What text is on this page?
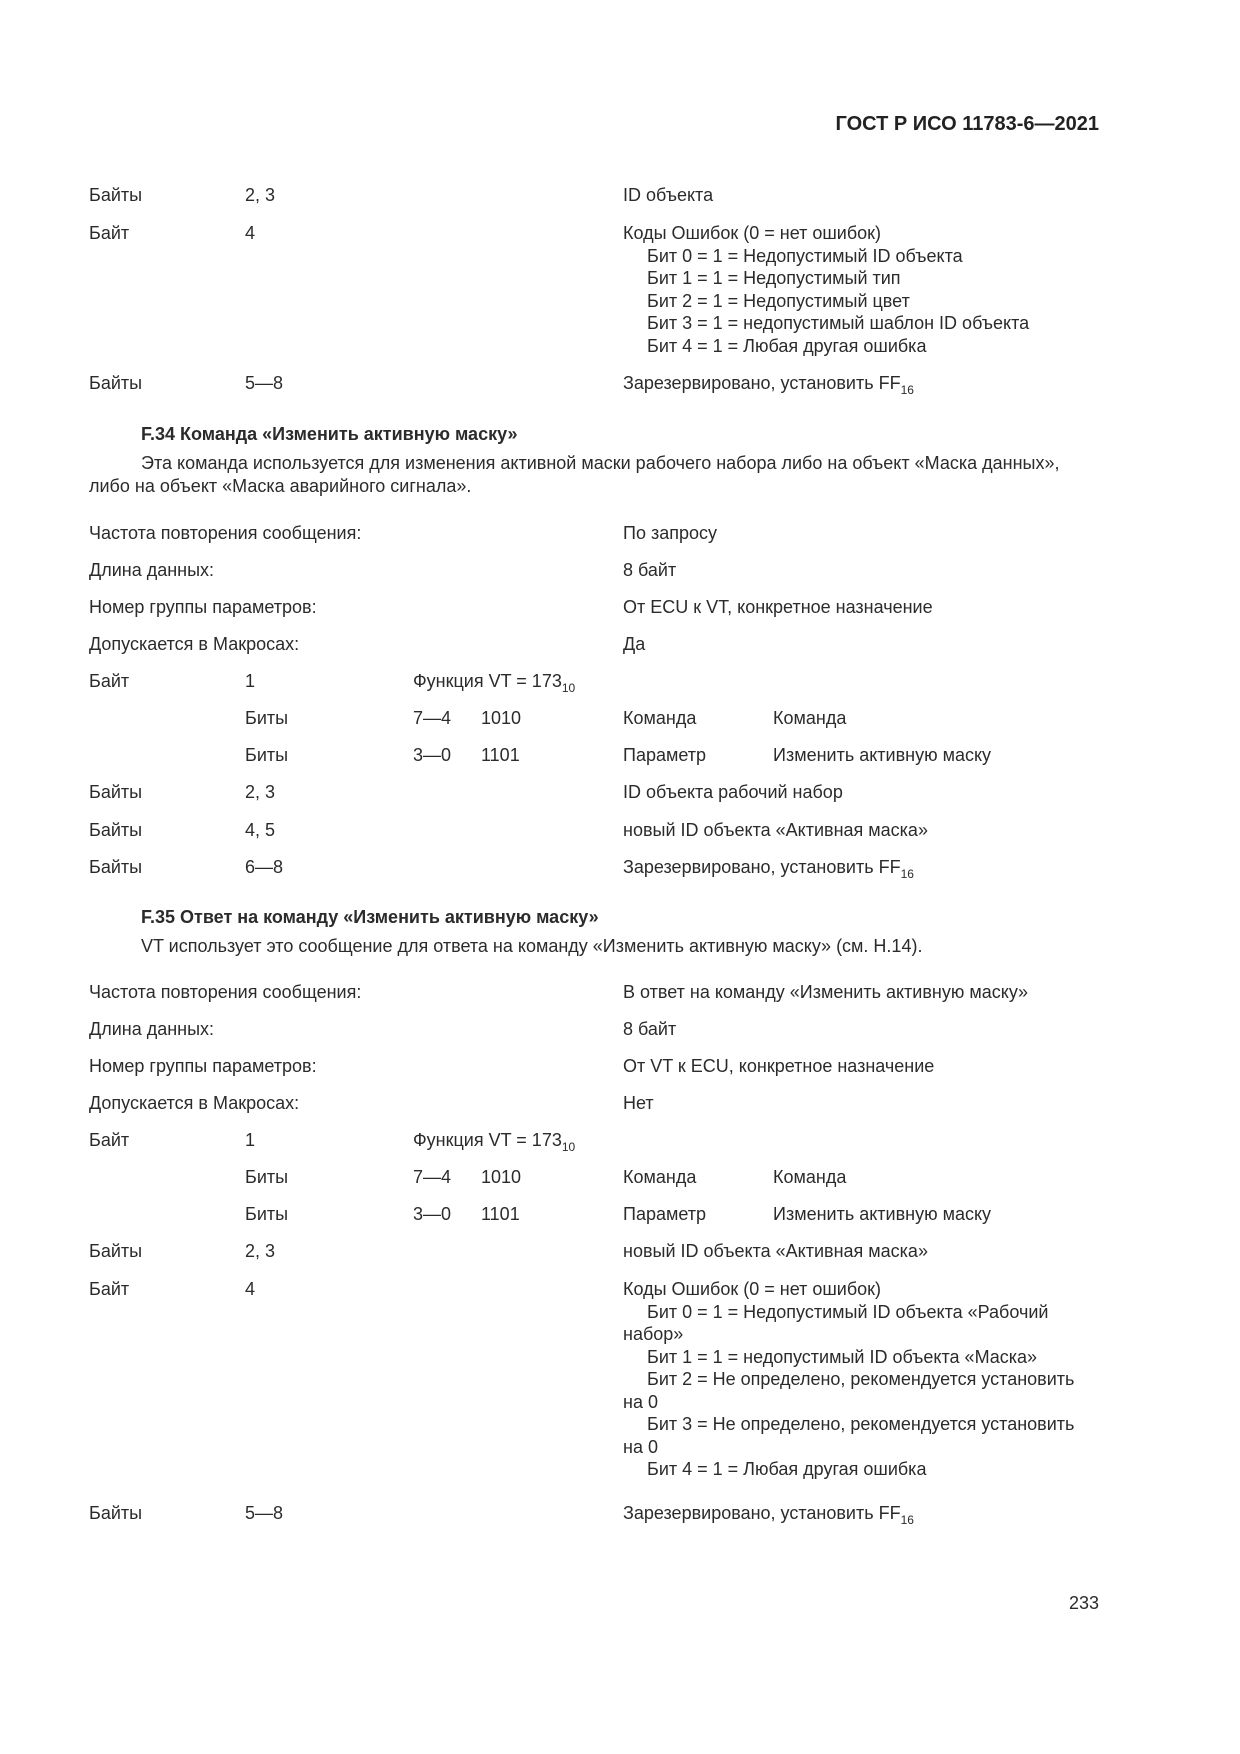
ГОСТ Р ИСО 11783-6—2021
Байты	2, 3	ID объекта
Байт	4	Коды Ошибок (0 = нет ошибок)
Бит 0 = 1 = Недопустимый ID объекта
Бит 1 = 1 = Недопустимый тип
Бит 2 = 1 = Недопустимый цвет
Бит 3 = 1 = недопустимый шаблон ID объекта
Бит 4 = 1 = Любая другая ошибка
Байты	5—8	Зарезервировано, установить $FF_{16}$
F.34 Команда «Изменить активную маску»
Эта команда используется для изменения активной маски рабочего набора либо на объект «Маска данных», либо на объект «Маска аварийного сигнала».
Частота повторения сообщения:	По запросу
Длина данных:	8 байт
Номер группы параметров:	От ECU к VT, конкретное назначение
Допускается в Макросах:	Да
Байт	1	Функция VT = $173_{10}$
Биты	7—4 1010	Команда	Команда
Биты	3—0 1101	Параметр	Изменить активную маску
Байты	2, 3	ID объекта рабочий набор
Байты	4, 5	новый ID объекта «Активная маска»
Байты	6—8	Зарезервировано, установить $FF_{16}$
F.35 Ответ на команду «Изменить активную маску»
VT использует это сообщение для ответа на команду «Изменить активную маску» (см. H.14).
Частота повторения сообщения:	В ответ на команду «Изменить активную маску»
Длина данных:	8 байт
Номер группы параметров:	От VT к ECU, конкретное назначение
Допускается в Макросах:	Нет
Байт	1	Функция VT = $173_{10}$
Биты	7—4 1010	Команда	Команда
Биты	3—0 1101	Параметр	Изменить активную маску
Байты	2, 3	новый ID объекта «Активная маска»
Байт	4	Коды Ошибок (0 = нет ошибок)
Бит 0 = 1 = Недопустимый ID объекта «Рабочий набор»
Бит 1 = 1 = недопустимый ID объекта «Маска»
Бит 2 = Не определено, рекомендуется установить на 0
Бит 3 = Не определено, рекомендуется установить на 0
Бит 4 = 1 = Любая другая ошибка
Байты	5—8	Зарезервировано, установить $FF_{16}$
233
